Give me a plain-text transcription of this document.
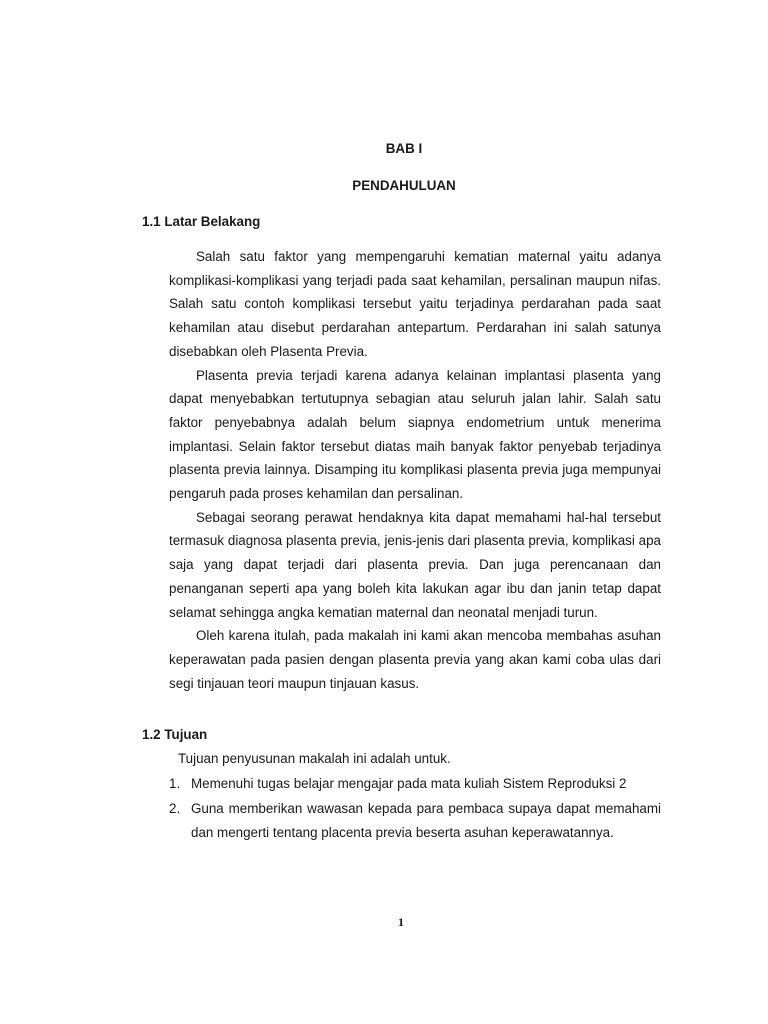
BAB I
PENDAHULUAN
1.1 Latar Belakang

Salah satu faktor yang mempengaruhi kematian maternal yaitu adanya komplikasi-komplikasi yang terjadi pada saat kehamilan, persalinan maupun nifas. Salah satu contoh komplikasi tersebut yaitu terjadinya perdarahan pada saat kehamilan atau disebut perdarahan antepartum. Perdarahan ini salah satunya disebabkan oleh Plasenta Previa.

Plasenta previa terjadi karena adanya kelainan implantasi plasenta yang dapat menyebabkan tertutupnya sebagian atau seluruh jalan lahir. Salah satu faktor penyebabnya adalah belum siapnya endometrium untuk menerima implantasi. Selain faktor tersebut diatas maih banyak faktor penyebab terjadinya plasenta previa lainnya. Disamping itu komplikasi plasenta previa juga mempunyai pengaruh pada proses kehamilan dan persalinan.

Sebagai seorang perawat hendaknya kita dapat memahami hal-hal tersebut termasuk diagnosa plasenta previa, jenis-jenis dari plasenta previa, komplikasi apa saja yang dapat terjadi dari plasenta previa. Dan juga perencanaan dan penanganan seperti apa yang boleh kita lakukan agar ibu dan janin tetap dapat selamat sehingga angka kematian maternal dan neonatal menjadi turun.

Oleh karena itulah, pada makalah ini kami akan mencoba membahas asuhan keperawatan pada pasien dengan plasenta previa yang akan kami coba ulas dari segi tinjauan teori maupun tinjauan kasus.

1.2 Tujuan
Tujuan penyusunan makalah ini adalah untuk.
1. Memenuhi tugas belajar mengajar pada mata kuliah Sistem Reproduksi 2
2. Guna memberikan wawasan kepada para pembaca supaya dapat memahami dan mengerti tentang placenta previa beserta asuhan keperawatannya.
1
